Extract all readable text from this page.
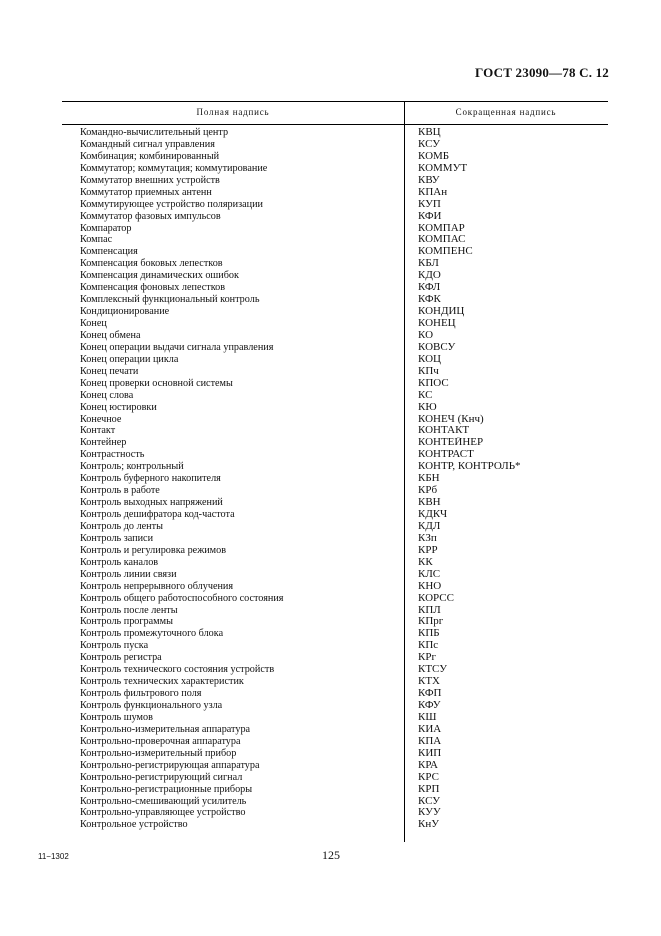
ГОСТ 23090—78 С. 12
Полная надпись	Сокращенная надпись
Командно-вычислительный центр	КВЦ
Командный сигнал управления	КСУ
Комбинация; комбинированный	КОМБ
Коммутатор; коммутация; коммутирование	КОММУТ
Коммутатор внешних устройств	КВУ
Коммутатор приемных антенн	КПАн
Коммутирующее устройство поляризации	КУП
Коммутатор фазовых импульсов	КФИ
Компаратор	КОМПАР
Компас	КОМПАС
Компенсация	КОМПЕНС
Компенсация боковых лепестков	КБЛ
Компенсация динамических ошибок	КДО
Компенсация фоновых лепестков	КФЛ
Комплексный функциональный контроль	КФК
Кондиционирование	КОНДИЦ
Конец	КОНЕЦ
Конец обмена	КО
Конец операции выдачи сигнала управления	КОВСУ
Конец операции цикла	КОЦ
Конец печати	КПч
Конец проверки основной системы	КПОС
Конец слова	КС
Конец юстировки	КЮ
Конечное	КОНЕЧ (Кнч)
Контакт	КОНТАКТ
Контейнер	КОНТЕЙНЕР
Контрастность	КОНТРАСТ
Контроль; контрольный	КОНТР, КОНТРОЛЬ*
Контроль буферного накопителя	КБН
Контроль в работе	КРб
Контроль выходных напряжений	КВН
Контроль дешифратора код-частота	КДКЧ
Контроль до ленты	КДЛ
Контроль записи	КЗп
Контроль и регулировка режимов	КРР
Контроль каналов	КК
Контроль линии связи	КЛС
Контроль непрерывного облучения	КНО
Контроль общего работоспособного состояния	КОРСС
Контроль после ленты	КПЛ
Контроль программы	КПрг
Контроль промежуточного блока	КПБ
Контроль пуска	КПс
Контроль регистра	КРг
Контроль технического состояния устройств	КТСУ
Контроль технических характеристик	КТХ
Контроль фильтрового поля	КФП
Контроль функционального узла	КФУ
Контроль шумов	КШ
Контрольно-измерительная аппаратура	КИА
Контрольно-проверочная аппаратура	КПА
Контрольно-измерительный прибор	КИП
Контрольно-регистрирующая аппаратура	КРА
Контрольно-регистрирующий сигнал	КРС
Контрольно-регистрационные приборы	КРП
Контрольно-смешивающий усилитель	КСУ
Контрольно-управляющее устройство	КУУ
Контрольное устройство	КнУ
11−1302	125
